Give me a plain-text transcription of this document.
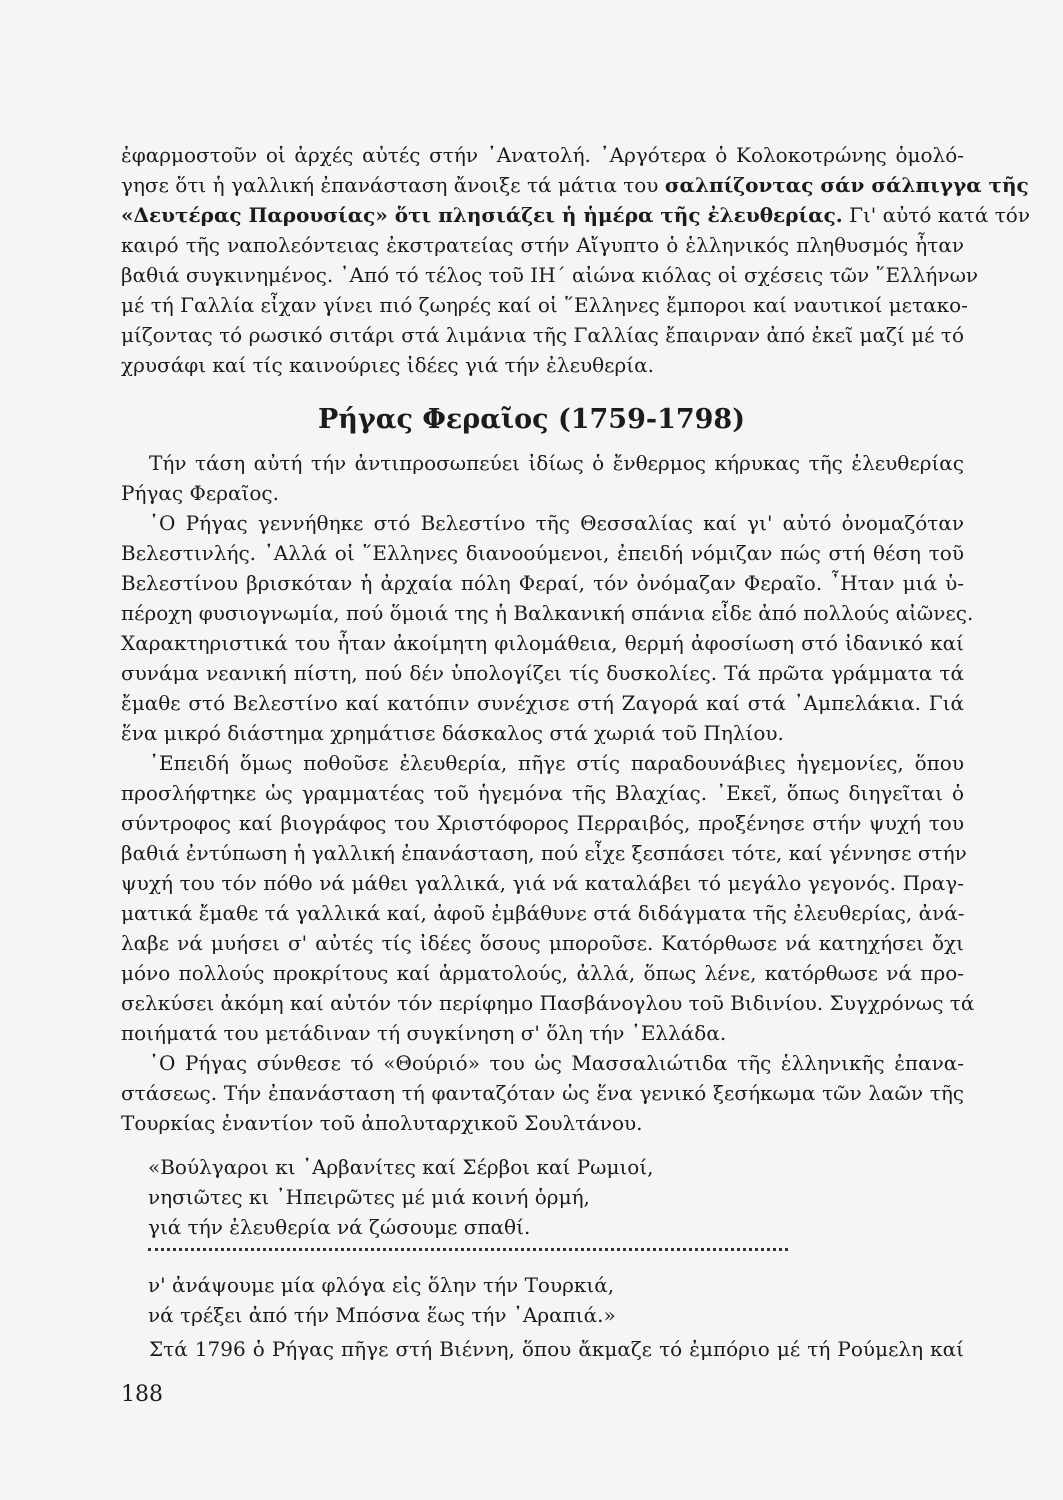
ἐφαρμοστοῦν οἱ ἀρχές αὐτές στήν ᾿Ανατολή. ᾿Αργότερα ὁ Κολοκοτρώνης ὁμολό-
γησε ὅτι ἡ γαλλική ἐπανάσταση ἄνοιξε τά μάτια του σαλπίζοντας σάν σάλπιγγα τῆς
«Δευτέρας Παρουσίας» ὅτι πλησιάζει ἡ ἡμέρα τῆς ἐλευθερίας. Γι' αὐτό κατά τόν
καιρό τῆς ναπολεόντειας ἐκστρατείας στήν Αἴγυπτο ὁ ἑλληνικός πληθυσμός ἦταν
βαθιά συγκινημένος. ᾿Από τό τέλος τοῦ ΙΗ΄ αἰώνα κιόλας οἱ σχέσεις τῶν ῞Ελλήνων
μέ τή Γαλλία εἶχαν γίνει πιό ζωηρές καί οἱ ῞Ελληνες ἔμποροι καί ναυτικοί μετακο-
μίζοντας τό ρωσικό σιτάρι στά λιμάνια τῆς Γαλλίας ἔπαιρναν ἀπό ἐκεῖ μαζί μέ τό
χρυσάφι καί τίς καινούριες ἰδέες γιά τήν ἐλευθερία.
Ρήγας Φεραῖος (1759-1798)
Τήν τάση αὐτή τήν ἀντιπροσωπεύει ἰδίως ὁ ἔνθερμος κήρυκας τῆς ἐλευθερίας
Ρήγας Φεραῖος.
῾Ο Ρήγας γεννήθηκε στό Βελεστίνο τῆς Θεσσαλίας καί γι' αὐτό ὀνομαζόταν
Βελεστινλής. ᾿Αλλά οἱ ῞Ελληνες διανοούμενοι, ἐπειδή νόμιζαν πώς στή θέση τοῦ
Βελεστίνου βρισκόταν ἡ ἀρχαία πόλη Φεραί, τόν ὀνόμαζαν Φεραῖο. ῏Ηταν μιά ὑ-
πέροχη φυσιογνωμία, πού ὅμοιά της ἡ Βαλκανική σπάνια εἶδε ἀπό πολλούς αἰῶνες.
Χαρακτηριστικά του ἦταν ἀκοίμητη φιλομάθεια, θερμή ἀφοσίωση στό ἰδανικό καί
συνάμα νεανική πίστη, πού δέν ὑπολογίζει τίς δυσκολίες. Τά πρῶτα γράμματα τά
ἔμαθε στό Βελεστίνο καί κατόπιν συνέχισε στή Ζαγορά καί στά ᾿Αμπελάκια. Γιά
ἕνα μικρό διάστημα χρημάτισε δάσκαλος στά χωριά τοῦ Πηλίου.
᾿Επειδή ὅμως ποθοῦσε ἐλευθερία, πῆγε στίς παραδουνάβιες ἡγεμονίες, ὅπου
προσλήφτηκε ὡς γραμματέας τοῦ ἡγεμόνα τῆς Βλαχίας. ᾿Εκεῖ, ὅπως διηγεῖται ὁ
σύντροφος καί βιογράφος του Χριστόφορος Περραιβός, προξένησε στήν ψυχή του
βαθιά ἐντύπωση ἡ γαλλική ἐπανάσταση, πού εἶχε ξεσπάσει τότε, καί γέννησε στήν
ψυχή του τόν πόθο νά μάθει γαλλικά, γιά νά καταλάβει τό μεγάλο γεγονός. Πραγ-
ματικά ἔμαθε τά γαλλικά καί, ἀφοῦ ἐμβάθυνε στά διδάγματα τῆς ἐλευθερίας, ἀνά-
λαβε νά μυήσει σ' αὐτές τίς ἰδέες ὅσους μποροῦσε. Κατόρθωσε νά κατηχήσει ὄχι
μόνο πολλούς προκρίτους καί ἁρματολούς, ἀλλά, ὅπως λένε, κατόρθωσε νά προ-
σελκύσει ἀκόμη καί αὐτόν τόν περίφημο Πασβάνογλου τοῦ Βιδινίου. Συγχρόνως τά
ποιήματά του μετάδιναν τή συγκίνηση σ' ὅλη τήν ῾Ελλάδα.
῾Ο Ρήγας σύνθεσε τό «Θούριό» του ὡς Μασσαλιώτιδα τῆς ἑλληνικῆς ἐπανα-
στάσεως. Τήν ἐπανάσταση τή φανταζόταν ὡς ἕνα γενικό ξεσήκωμα τῶν λαῶν τῆς
Τουρκίας ἐναντίον τοῦ ἀπολυταρχικοῦ Σουλτάνου.
«Βούλγαροι κι ᾿Αρβανίτες καί Σέρβοι καί Ρωμιοί,
νησιῶτες κι ᾿Ηπειρῶτες μέ μιά κοινή ὁρμή,
γιά τήν ἐλευθερία νά ζώσουμε σπαθί.
ν' ἀνάψουμε μία φλόγα εἰς ὅλην τήν Τουρκιά,
νά τρέξει ἀπό τήν Μπόσνα ἕως τήν ᾿Αραπιά.»
Στά 1796 ὁ Ρήγας πῆγε στή Βιέννη, ὅπου ἄκμαζε τό ἐμπόριο μέ τή Ρούμελη καί
188
